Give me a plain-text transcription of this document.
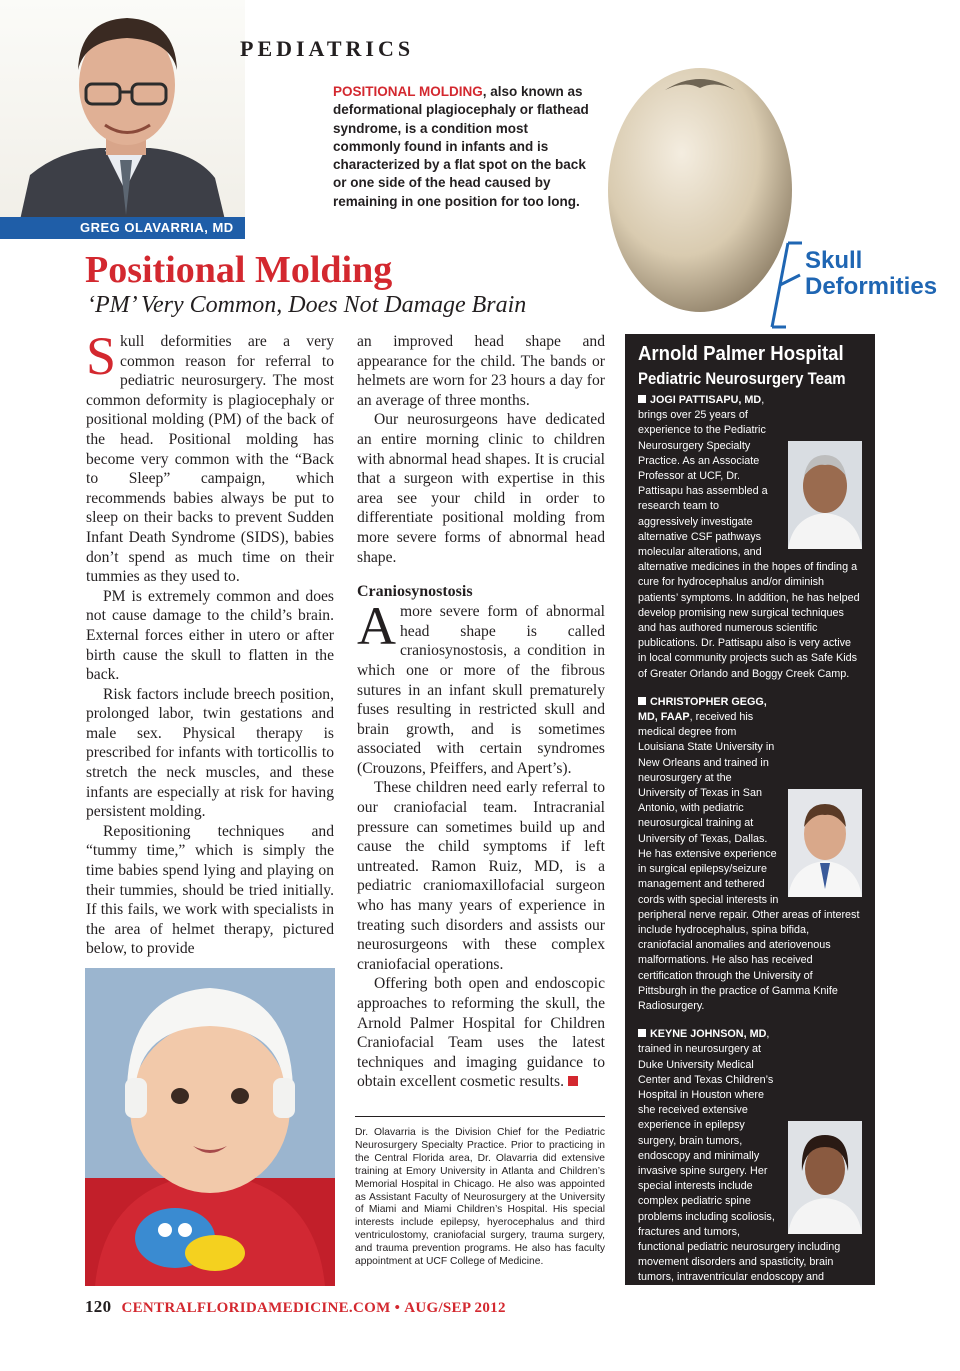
GREG OLAVARRIA, MD
PEDIATRICS
POSITIONAL MOLDING, also known as deformational plagiocephaly or flathead syndrome, is a condition most commonly found in infants and is characterized by a flat spot on the back or one side of the head caused by remaining in one position for too long.
Skull
Deformities
Positional Molding
‘PM’ Very Common, Does Not Damage Brain

Skull deformities are a very common reason for referral to pediatric neurosurgery. The most common deformity is plagiocephaly or positional molding (PM) of the back of the head. Positional molding has become very common with the “Back to Sleep” campaign, which recommends babies always be put to sleep on their backs to prevent Sudden Infant Death Syndrome (SIDS), babies don’t spend as much time on their tummies as they used to.

PM is extremely common and does not cause damage to the child’s brain. External forces either in utero or after birth cause the skull to flatten in the back.

Risk factors include breech position, prolonged labor, twin gestations and male sex. Physical therapy is prescribed for infants with torticollis to stretch the neck muscles, and these infants are especially at risk for having persistent molding.

Repositioning techniques and “tummy time,” which is simply the time babies spend lying and playing on their tummies, should be tried initially. If this fails, we work with specialists in the area of helmet therapy, pictured below, to provide

an improved head shape and appearance for the child. The bands or helmets are worn for 23 hours a day for an average of three months.

Our neurosurgeons have dedicated an entire morning clinic to children with abnormal head shapes. It is crucial that a surgeon with expertise in this area see your child in order to differentiate positional molding from more severe forms of abnormal head shape.

Craniosynostosis

Amore severe form of abnormal head shape is called craniosynostosis, a condition in which one or more of the fibrous sutures in an infant skull prematurely fuses resulting in restricted skull and brain growth, and is sometimes associated with certain syndromes (Crouzons, Pfeiffers, and Apert’s).

These children need early referral to our craniofacial team. Intracranial pressure can sometimes build up and cause the child symptoms if left untreated. Ramon Ruiz, MD, is a pediatric craniomaxillofacial surgeon who has many years of experience in treating such disorders and assists our neurosurgeons with these complex craniofacial operations.

Offering both open and endoscopic approaches to reforming the skull, the Arnold Palmer Hospital for Children Craniofacial Team uses the latest techniques and imaging guidance to obtain excellent cosmetic results.

Dr. Olavarria is the Division Chief for the Pediatric Neurosurgery Specialty Practice. Prior to practicing in the Central Florida area, Dr. Olavarria did extensive training at Emory University in Atlanta and Children’s Memorial Hospital in Chicago. He also was appointed as Assistant Faculty of Neurosurgery at the University of Miami and Miami Children’s Hospital. His special interests include epilepsy, hyerocephalus and third ventriculostomy, craniofacial surgery, trauma surgery, and trauma prevention programs. He also has faculty appointment at UCF College of Medicine.
120 CENTRALFLORIDAMEDICINE.COM • AUG/SEP 2012
Arnold Palmer Hospital
Pediatric Neurosurgery Team
JOGI PATTISAPU, MD, brings over 25 years of experience to the Pediatric Neurosurgery Specialty Practice. As an Associate Professor at UCF, Dr. Pattisapu has assembled a research team to aggressively investigate alternative CSF pathways molecular alterations, and alternative medicines in the hopes of finding a cure for hydrocephalus and/or diminish patients’ symptoms. In addition, he has helped develop promising new surgical techniques and has authored numerous scientific publications. Dr. Pattisapu also is very active in local community projects such as Safe Kids of Greater Orlando and Boggy Creek Camp.
CHRISTOPHER GEGG, MD, FAAP, received his medical degree from Louisiana State University in New Orleans and trained in neurosurgery at the University of Texas in San Antonio, with pediatric neurosurgical training at University of Texas, Dallas. He has extensive experience in surgical epilepsy/seizure management and tethered cords with special interests in peripheral nerve repair. Other areas of interest include hydrocephalus, spina bifida, craniofacial anomalies and ateriovenous malformations. He also has received certification through the University of Pittsburgh in the practice of Gamma Knife Radiosurgery.
KEYNE JOHNSON, MD, trained in neurosurgery at Duke University Medical Center and Texas Children’s Hospital in Houston where she received extensive experience in epilepsy surgery, brain tumors, endoscopy and minimally invasive spine surgery. Her special interests include complex pediatric spine problems including scoliosis, fractures and tumors, functional pediatric neurosurgery including movement disorders and spasticity, brain tumors, intraventricular endoscopy and cerebrovascular disease including moyamoya disease and AVMs. Dr. Johnson is also clinical faculty at UCF.
